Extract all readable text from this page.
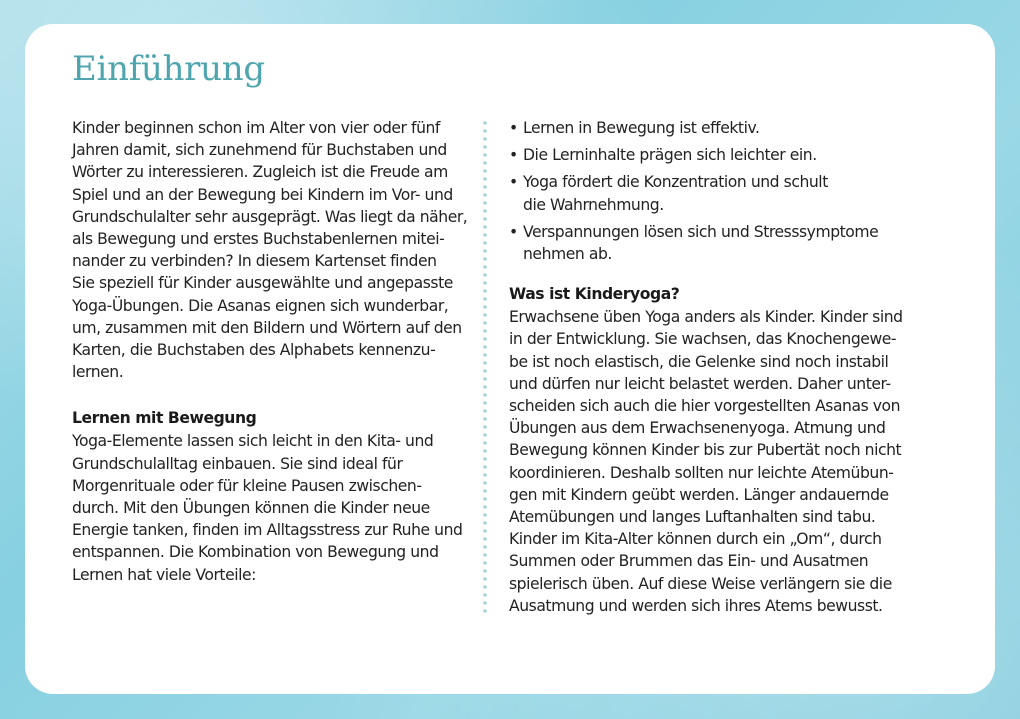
Einführung
Kinder beginnen schon im Alter von vier oder fünf
Jahren damit, sich zunehmend für Buchstaben und
Wörter zu interessieren. Zugleich ist die Freude am
Spiel und an der Bewegung bei Kindern im Vor- und
Grundschulalter sehr ausgeprägt. Was liegt da näher,
als Bewegung und erstes Buchstabenlernen mitei-
nander zu verbinden? In diesem Kartenset finden
Sie speziell für Kinder ausgewählte und angepasste
Yoga-Übungen. Die Asanas eignen sich wunderbar,
um, zusammen mit den Bildern und Wörtern auf den
Karten, die Buchstaben des Alphabets kennenzu-
lernen.
Lernen mit Bewegung
Yoga-Elemente lassen sich leicht in den Kita- und
Grundschulalltag einbauen. Sie sind ideal für
Morgenrituale oder für kleine Pausen zwischen-
durch. Mit den Übungen können die Kinder neue
Energie tanken, finden im Alltagsstress zur Ruhe und
entspannen. Die Kombination von Bewegung und
Lernen hat viele Vorteile:
• Lernen in Bewegung ist effektiv.
• Die Lerninhalte prägen sich leichter ein.
• Yoga fördert die Konzentration und schult
die Wahrnehmung.
• Verspannungen lösen sich und Stresssymptome
nehmen ab.
Was ist Kinderyoga?
Erwachsene üben Yoga anders als Kinder. Kinder sind
in der Entwicklung. Sie wachsen, das Knochengewe-
be ist noch elastisch, die Gelenke sind noch instabil
und dürfen nur leicht belastet werden. Daher unter-
scheiden sich auch die hier vorgestellten Asanas von
Übungen aus dem Erwachsenenyoga. Atmung und
Bewegung können Kinder bis zur Pubertät noch nicht
koordinieren. Deshalb sollten nur leichte Atemübun-
gen mit Kindern geübt werden. Länger andauernde
Atemübungen und langes Luftanhalten sind tabu.
Kinder im Kita-Alter können durch ein „Om“, durch
Summen oder Brummen das Ein- und Ausatmen
spielerisch üben. Auf diese Weise verlängern sie die
Ausatmung und werden sich ihres Atems bewusst.
